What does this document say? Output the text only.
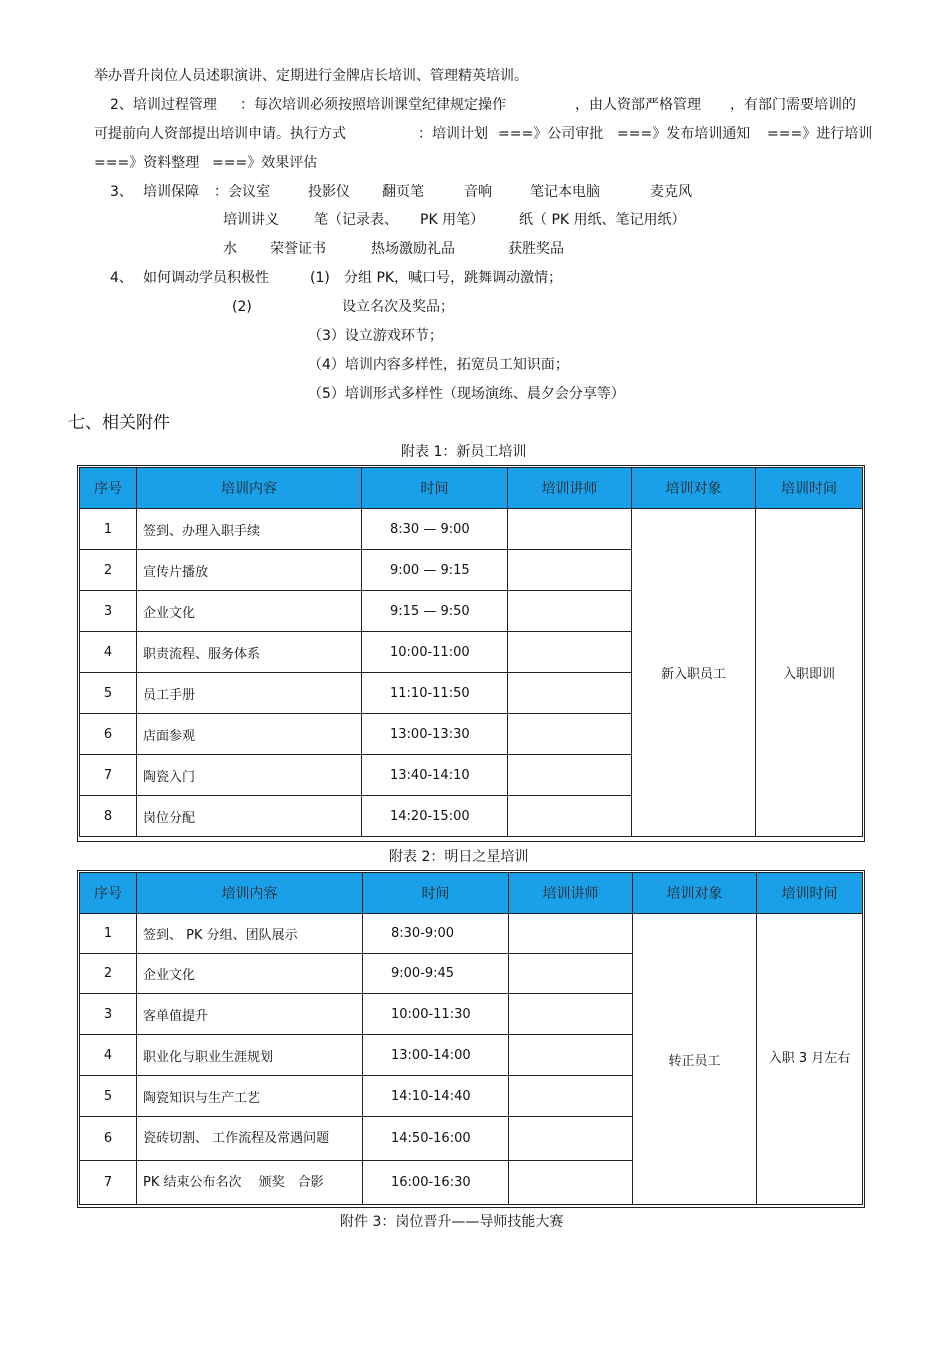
举办晋升岗位人员述职演讲、定期进行金牌店长培训、管理精英培训。
2、培训过程管理 ：每次培训必须按照培训课堂纪律规定操作	，由人资部严格管理 ，有部门需要培训的
可提前向人资部提出培训申请。执行方式	：培训计划 ===》公司审批 ===》发布培训通知 ===》进行培训
===》资料整理 ===》效果评估
3、 培训保障 ：会议室	投影仪 翻页笔	音响	笔记本电脑	麦克风
培训讲义	笔（记录表、 PK 用笔） 纸（ PK 用纸、笔记用纸）
水 荣誉证书	热场激励礼品	获胜奖品
4、 如何调动学员积极性	(1) 分组 PK，喊口号，跳舞调动激情；
(2)	设立名次及奖品；
（3）设立游戏环节；
（4）培训内容多样性，拓宽员工知识面；
（5）培训形式多样性（现场演练、晨夕会分享等）
七、相关附件
附表 1：新员工培训
序号	培训内容	时间	培训讲师	培训对象	培训时间
1	签到、办理入职手续	8:30 — 9:00		新入职员工	入职即训
2	宣传片播放	9:00 — 9:15			
3	企业文化	9:15 — 9:50			
4	职责流程、服务体系	10:00-11:00			
5	员工手册	11:10-11:50			
6	店面参观	13:00-13:30			
7	陶瓷入门	13:40-14:10			
8	岗位分配	14:20-15:00			
附表 2：明日之星培训
序号	培训内容	时间	培训讲师	培训对象	培训时间
1	签到、 PK 分组、团队展示	8:30-9:00		转正员工	入职 3 月左右
2	企业文化	9:00-9:45			
3	客单值提升	10:00-11:30			
4	职业化与职业生涯规划	13:00-14:00			
5	陶瓷知识与生产工艺	14:10-14:40			
6	瓷砖切割、 工作流程及常遇问题	14:50-16:00			
7	PK 结束公布名次　 颁奖　合影	16:00-16:30			
附件 3：岗位晋升——导师技能大赛
